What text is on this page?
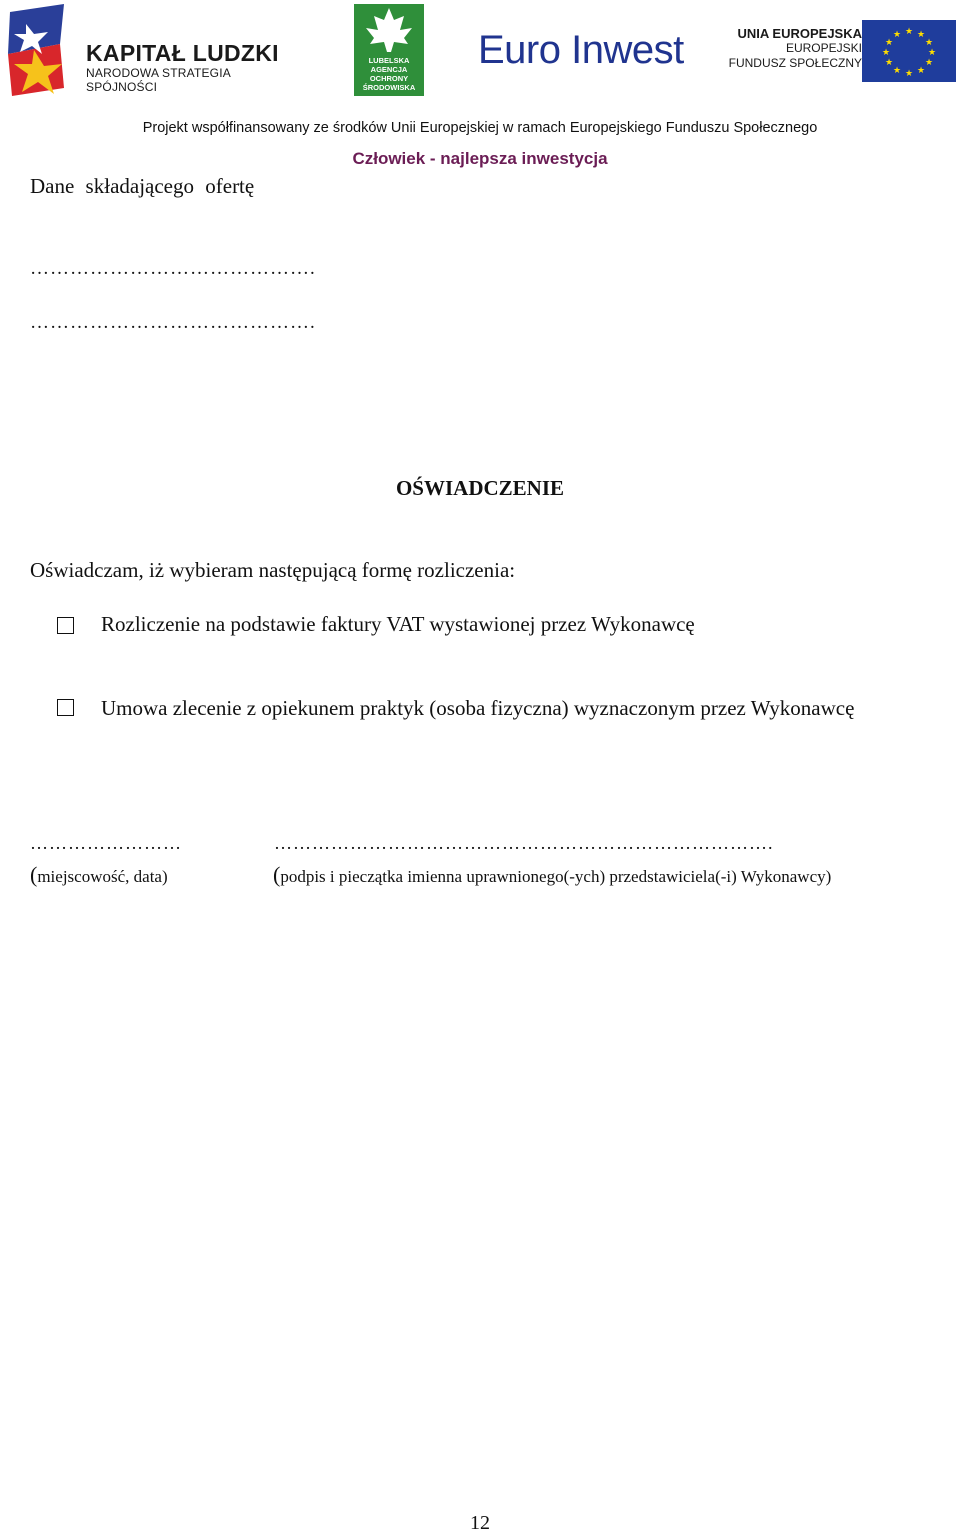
KAPITAŁ LUDZKI
NARODOWA STRATEGIA SPÓJNOŚCI
LUBELSKA
AGENCJA
OCHRONY
ŚRODOWISKA
Euro Inwest	UNIA EUROPEJSKA
EUROPEJSKI
FUNDUSZ SPOŁECZNY
★ ★
★
★
★
★
★
★
★
★
★
★
Projekt współfinansowany ze środków Unii Europejskiej w ramach Europejskiego Funduszu Społecznego
Człowiek - najlepsza inwestycja
Dane składającego ofertę
…………………………………….
…………………………………….
OŚWIADCZENIE
Oświadczam, iż wybieram następującą formę rozliczenia:
Rozliczenie na podstawie faktury VAT wystawionej przez Wykonawcę
Umowa zlecenie z opiekunem praktyk (osoba fizyczna) wyznaczonym przez Wykonawcę
……………………	…………………………………………………………………….
(miejscowość, data)	(podpis i pieczątka imienna uprawnionego(-ych) przedstawiciela(-i) Wykonawcy)
12
